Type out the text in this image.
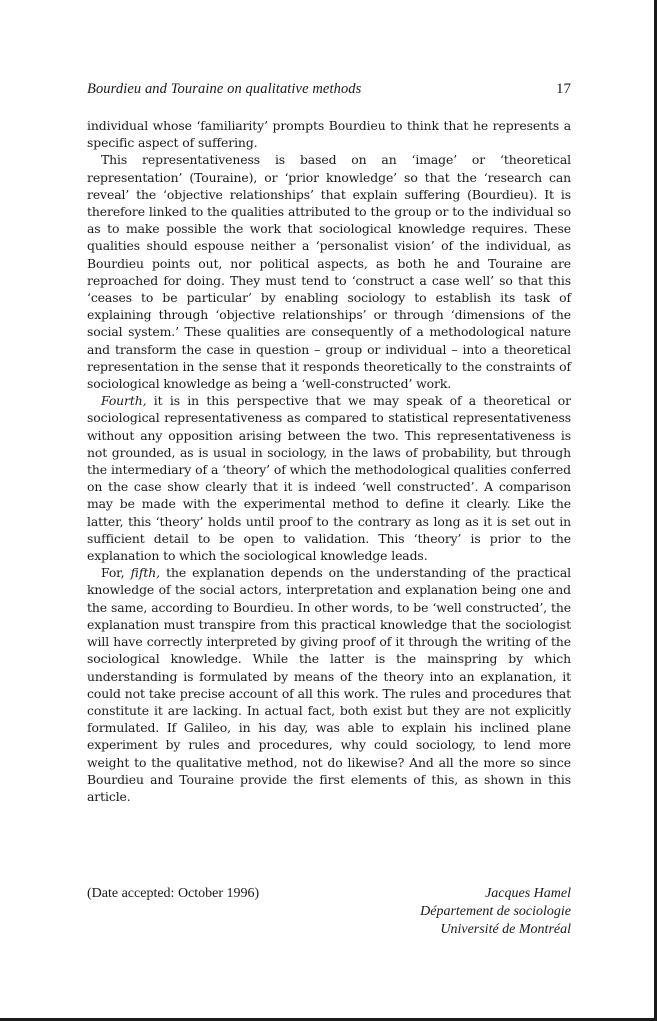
Bourdieu and Touraine on qualitative methods	17

individual whose ‘familiarity’ prompts Bourdieu to think that he represents a specific aspect of suffering.

This representativeness is based on an ‘image’ or ‘theoretical representation’ (Touraine), or ‘prior knowledge’ so that the ‘research can reveal’ the ‘objective relationships’ that explain suffering (Bourdieu). It is therefore linked to the qualities attributed to the group or to the individual so as to make possible the work that sociological knowledge requires. These qualities should espouse neither a ‘personalist vision’ of the individual, as Bourdieu points out, nor political aspects, as both he and Touraine are reproached for doing. They must tend to ‘construct a case well’ so that this ‘ceases to be particular’ by enabling sociology to establish its task of explaining through ‘objective relationships’ or through ‘dimensions of the social system.’ These qualities are consequently of a methodological nature and transform the case in question – group or individual – into a theoretical representation in the sense that it responds theoretically to the constraints of sociological knowledge as being a ‘well-constructed’ work.

Fourth, it is in this perspective that we may speak of a theoretical or sociological representativeness as compared to statistical representativeness without any opposition arising between the two. This representativeness is not grounded, as is usual in sociology, in the laws of probability, but through the intermediary of a ‘theory’ of which the methodological qualities conferred on the case show clearly that it is indeed ‘well constructed’. A comparison may be made with the experimental method to define it clearly. Like the latter, this ‘theory’ holds until proof to the contrary as long as it is set out in sufficient detail to be open to validation. This ‘theory’ is prior to the explanation to which the sociological knowledge leads.

For, fifth, the explanation depends on the understanding of the practical knowledge of the social actors, interpretation and explanation being one and the same, according to Bourdieu. In other words, to be ‘well constructed’, the explanation must transpire from this practical knowledge that the sociologist will have correctly interpreted by giving proof of it through the writing of the sociological knowledge. While the latter is the mainspring by which understanding is formulated by means of the theory into an explanation, it could not take precise account of all this work. The rules and procedures that constitute it are lacking. In actual fact, both exist but they are not explicitly formulated. If Galileo, in his day, was able to explain his inclined plane experiment by rules and procedures, why could sociology, to lend more weight to the qualitative method, not do likewise? And all the more so since Bourdieu and Touraine provide the first elements of this, as shown in this article.

(Date accepted: October 1996)	Jacques Hamel
Département de sociologie
Université de Montréal
